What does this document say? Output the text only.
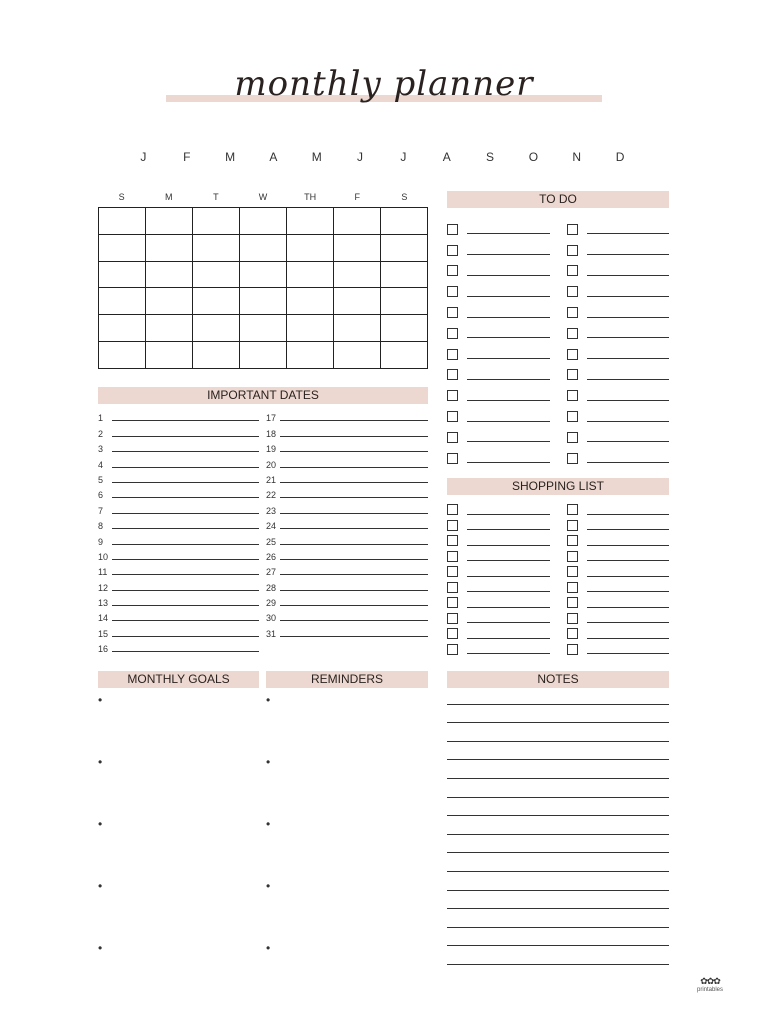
monthly planner
J	F	M	A	M	J	J	A	S	O	N	D
S	M	T	W	TH	F	S

IMPORTANT DATES
1
2
3
4
5
6
7
8
9
10
11
12
13
14
15
16
17
18
19
20
21
22
23
24
25
26
27
28
29
30
31
TO DO
SHOPPING LIST
MONTHLY GOALS	REMINDERS
•
•
•
•
•
•
•
•
•
•
NOTES
✿✿✿
printables
